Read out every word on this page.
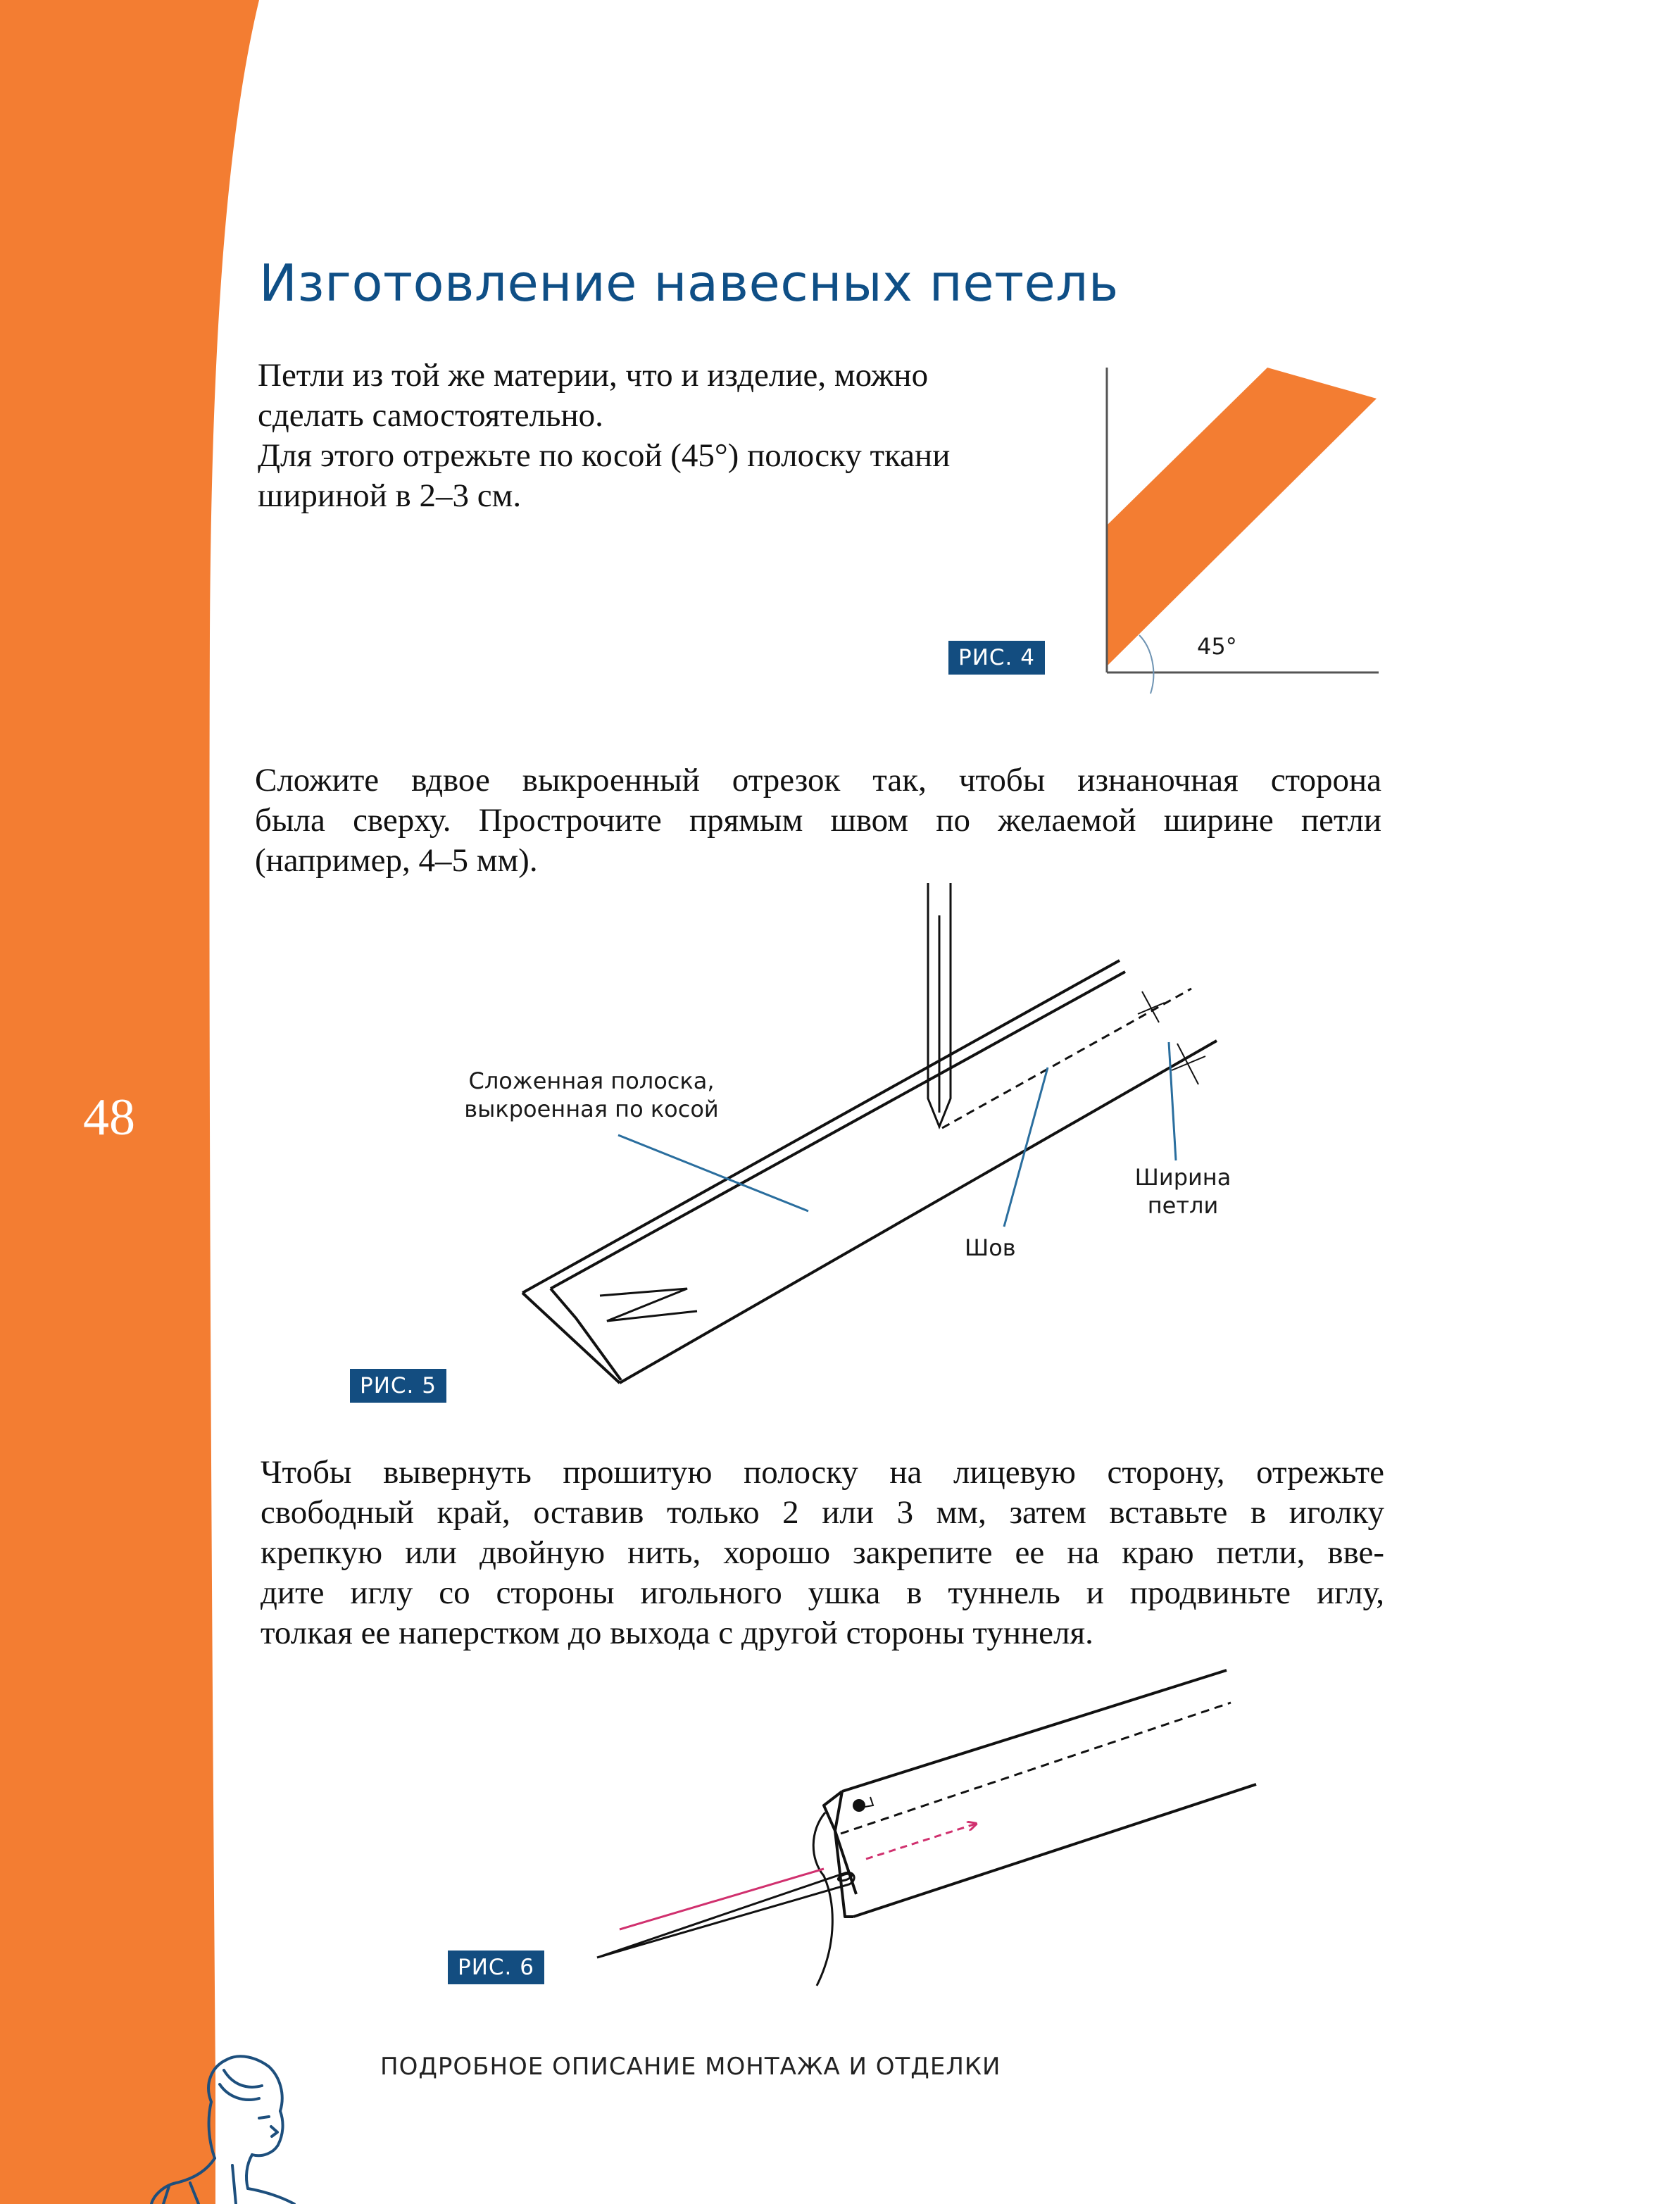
48
Изготовление навесных петель

Петли из той же материи, что и изделие, можно
сделать самостоятельно.
Для этого отрежьте по косой (45°) полоску ткани
шириной в 2–3 см.

РИС. 4	45°

Сложите вдвое выкроенный отрезок так, чтобы изнаночная сторона
была сверху. Прострочите прямым швом по желаемой ширине петли
(например, 4–5 мм).

Сложенная полоска,
выкроенная по косой
Шов
Ширина
петли
РИС. 5

Чтобы вывернуть прошитую полоску на лицевую сторону, отрежьте
свободный край, оставив только 2 или 3 мм, затем вставьте в иголку
крепкую или двойную нить, хорошо закрепите ее на краю петли, вве-
дите иглу со стороны игольного ушка в туннель и продвиньте иглу,
толкая ее наперстком до выхода с другой стороны туннеля.

РИС. 6
ПОДРОБНОЕ ОПИСАНИЕ МОНТАЖА И ОТДЕЛКИ
